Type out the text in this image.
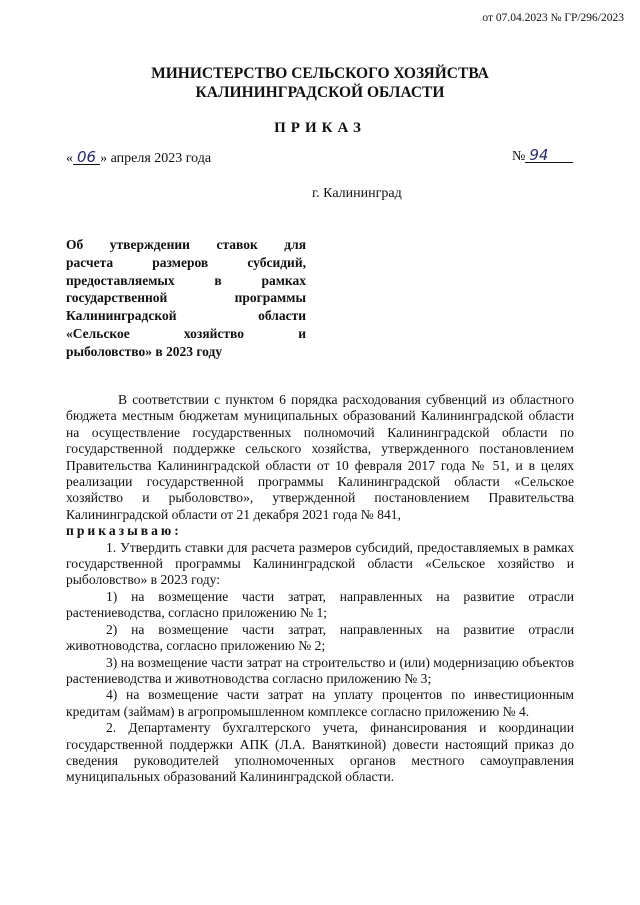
от 07.04.2023 № ГР/296/2023
МИНИСТЕРСТВО СЕЛЬСКОГО ХОЗЯЙСТВА
КАЛИНИНГРАДСКОЙ ОБЛАСТИ
ПРИКАЗ
« 06 » апреля 2023 года	№ 94
г. Калининград
Об утверждении ставок для
расчета размеров субсидий,
предоставляемых в рамках
государственной программы
Калининградской области
«Сельское хозяйство и
рыболовство» в 2023 году

В соответствии с пунктом 6 порядка расходования субвенций из областного бюджета местным бюджетам муниципальных образований Калининградской области на осуществление государственных полномочий Калининградской области по государственной поддержке сельского хозяйства, утвержденного постановлением Правительства Калининградской области от 10 февраля 2017 года № 51, и в целях реализации государственной программы Калининградской области «Сельское хозяйство и рыболовство», утвержденной постановлением Правительства Калининградской области от 21 декабря 2021 года № 841,
приказываю:

1. Утвердить ставки для расчета размеров субсидий, предоставляемых в рамках государственной программы Калининградской области «Сельское хозяйство и рыболовство» в 2023 году:

1) на возмещение части затрат, направленных на развитие отрасли растениеводства, согласно приложению № 1;

2) на возмещение части затрат, направленных на развитие отрасли животноводства, согласно приложению № 2;

3) на возмещение части затрат на строительство и (или) модернизацию объектов растениеводства и животноводства согласно приложению № 3;

4) на возмещение части затрат на уплату процентов по инвестиционным кредитам (займам) в агропромышленном комплексе согласно приложению № 4.

2. Департаменту бухгалтерского учета, финансирования и координации государственной поддержки АПК (Л.А. Ваняткиной) довести настоящий приказ до сведения руководителей уполномоченных органов местного самоуправления муниципальных образований Калининградской области.
